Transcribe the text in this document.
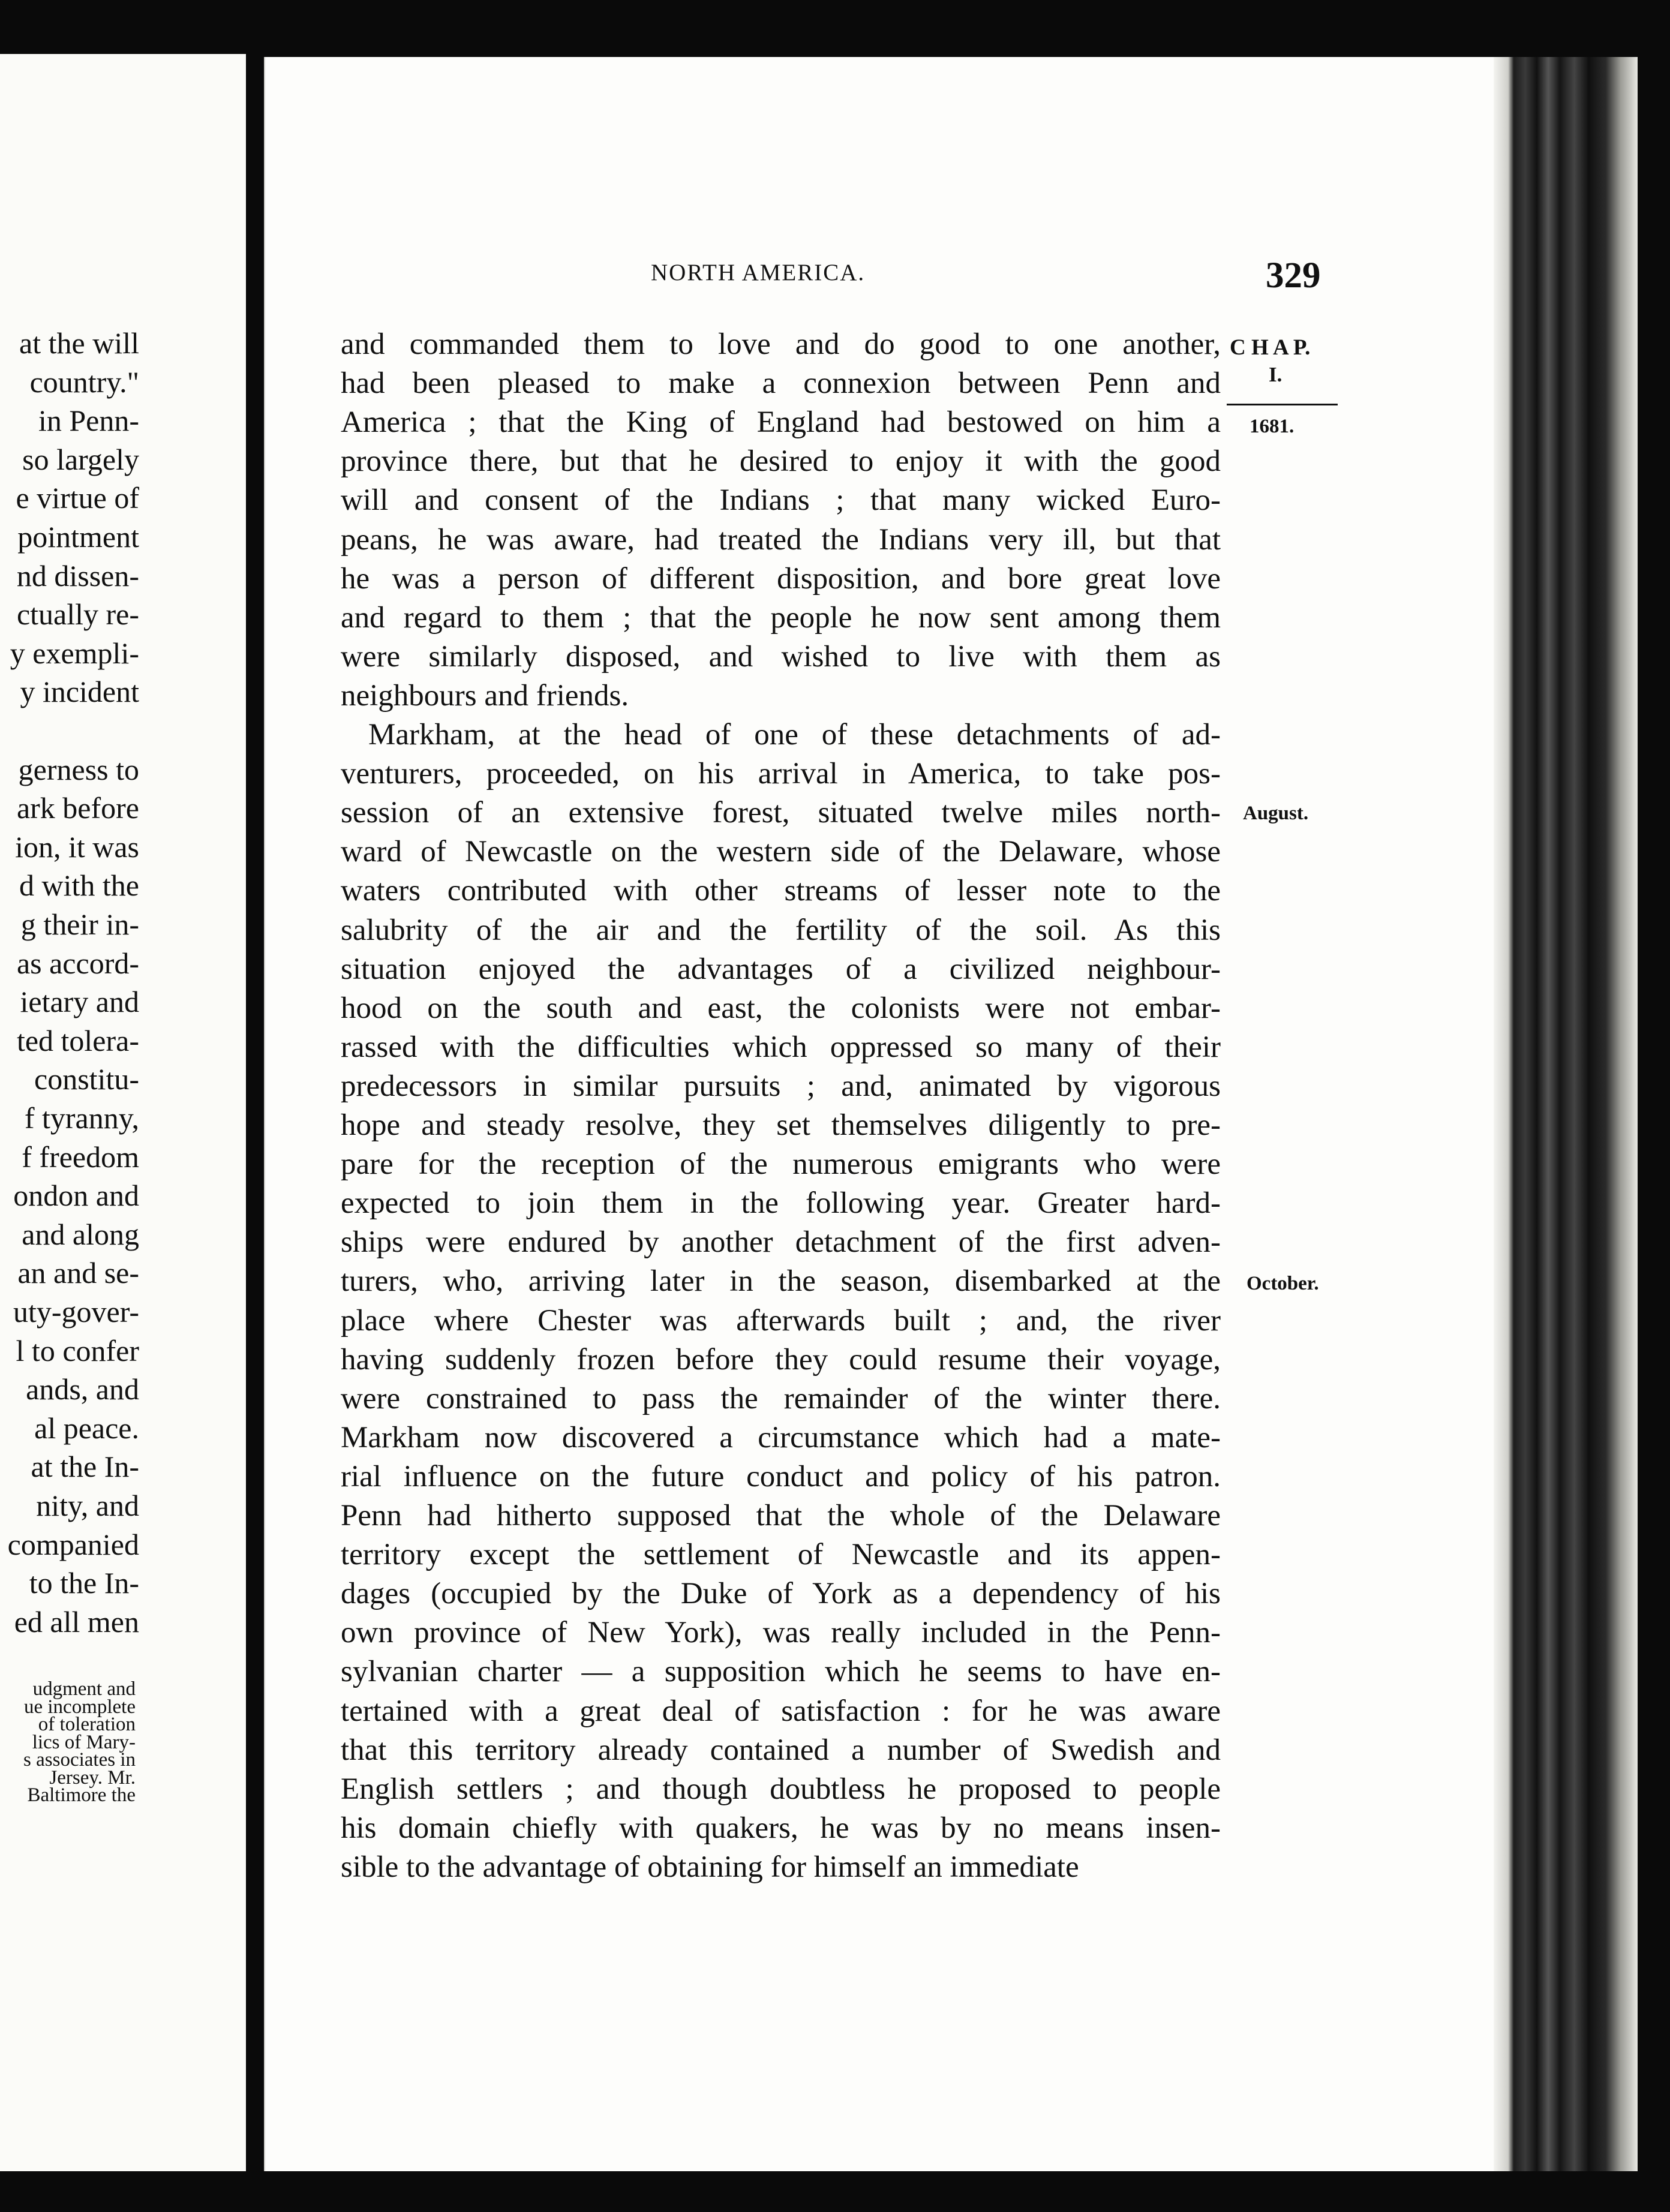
at the will
country."
in Penn-
so largely
e virtue of
pointment
nd dissen-
ctually re-
y exempli-
y incident
gerness to
ark before
ion, it was
d with the
g their in-
as accord-
ietary and
ted tolera-
constitu-
f tyranny,
f freedom
ondon and
and along
an and se-
uty-gover-
l to confer
ands, and
al peace.
at the In-
nity, and
companied
to the In-
ed all men
udgment and
ue incomplete
of toleration
lics of Mary-
s associates in
Jersey. Mr.
Baltimore the
NORTH AMERICA.	329
C H A P.
I.
1681.
August.
October.
and commanded them to love and do good to one another,
had been pleased to make a connexion between Penn and
America ; that the King of England had bestowed on him a
province there, but that he desired to enjoy it with the good
will and consent of the Indians ; that many wicked Euro-
peans, he was aware, had treated the Indians very ill, but that
he was a person of different disposition, and bore great love
and regard to them ; that the people he now sent among them
were similarly disposed, and wished to live with them as
neighbours and friends.
Markham, at the head of one of these detachments of ad-
venturers, proceeded, on his arrival in America, to take pos-
session of an extensive forest, situated twelve miles north-
ward of Newcastle on the western side of the Delaware, whose
waters contributed with other streams of lesser note to the
salubrity of the air and the fertility of the soil. As this
situation enjoyed the advantages of a civilized neighbour-
hood on the south and east, the colonists were not embar-
rassed with the difficulties which oppressed so many of their
predecessors in similar pursuits ; and, animated by vigorous
hope and steady resolve, they set themselves diligently to pre-
pare for the reception of the numerous emigrants who were
expected to join them in the following year. Greater hard-
ships were endured by another detachment of the first adven-
turers, who, arriving later in the season, disembarked at the
place where Chester was afterwards built ; and, the river
having suddenly frozen before they could resume their voyage,
were constrained to pass the remainder of the winter there.
Markham now discovered a circumstance which had a mate-
rial influence on the future conduct and policy of his patron.
Penn had hitherto supposed that the whole of the Delaware
territory except the settlement of Newcastle and its appen-
dages (occupied by the Duke of York as a dependency of his
own province of New York), was really included in the Penn-
sylvanian charter — a supposition which he seems to have en-
tertained with a great deal of satisfaction : for he was aware
that this territory already contained a number of Swedish and
English settlers ; and though doubtless he proposed to people
his domain chiefly with quakers, he was by no means insen-
sible to the advantage of obtaining for himself an immediate
